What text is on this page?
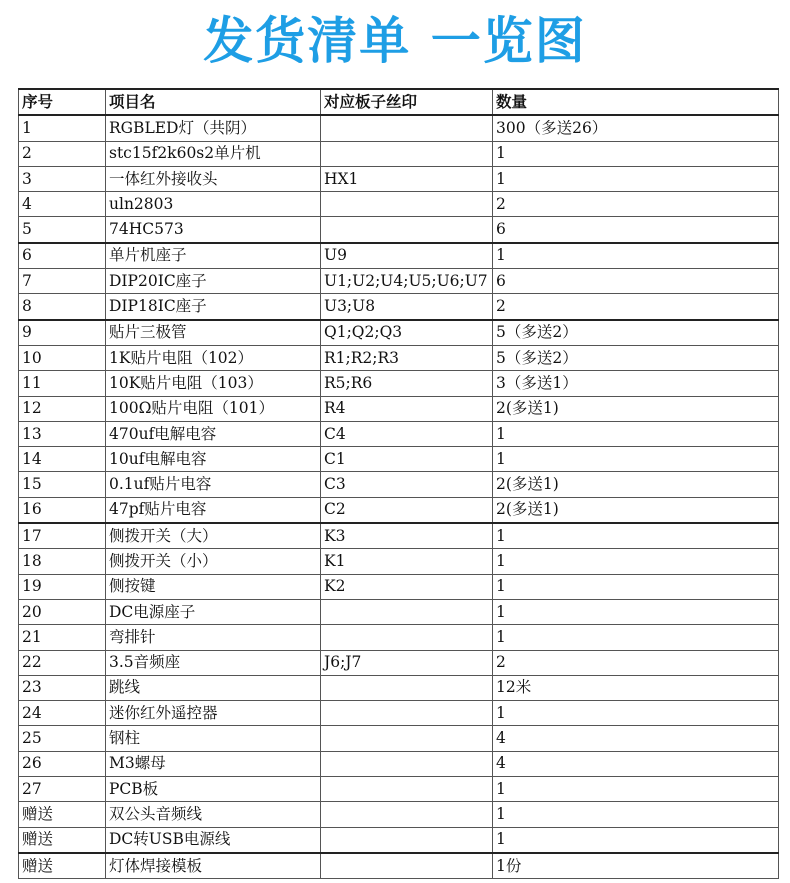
发货清单 一览图
序号	项目名	对应板子丝印	数量
1	RGBLED灯（共阴）		300（多送26）
2	stc15f2k60s2单片机		1
3	一体红外接收头	HX1	1
4	uln2803		2
5	74HC573		6
6	单片机座子	U9	1
7	DIP20IC座子	U1;U2;U4;U5;U6;U7	6
8	DIP18IC座子	U3;U8	2
9	贴片三极管	Q1;Q2;Q3	5（多送2）
10	1K贴片电阻（102）	R1;R2;R3	5（多送2）
11	10K贴片电阻（103）	R5;R6	3（多送1）
12	100Ω贴片电阻（101）	R4	2(多送1)
13	470uf电解电容	C4	1
14	10uf电解电容	C1	1
15	0.1uf贴片电容	C3	2(多送1)
16	47pf贴片电容	C2	2(多送1)
17	侧拨开关（大）	K3	1
18	侧拨开关（小）	K1	1
19	侧按键	K2	1
20	DC电源座子		1
21	弯排针		1
22	3.5音频座	J6;J7	2
23	跳线		12米
24	迷你红外遥控器		1
25	钢柱		4
26	M3螺母		4
27	PCB板		1
赠送	双公头音频线		1
赠送	DC转USB电源线		1
赠送	灯体焊接模板		1份
